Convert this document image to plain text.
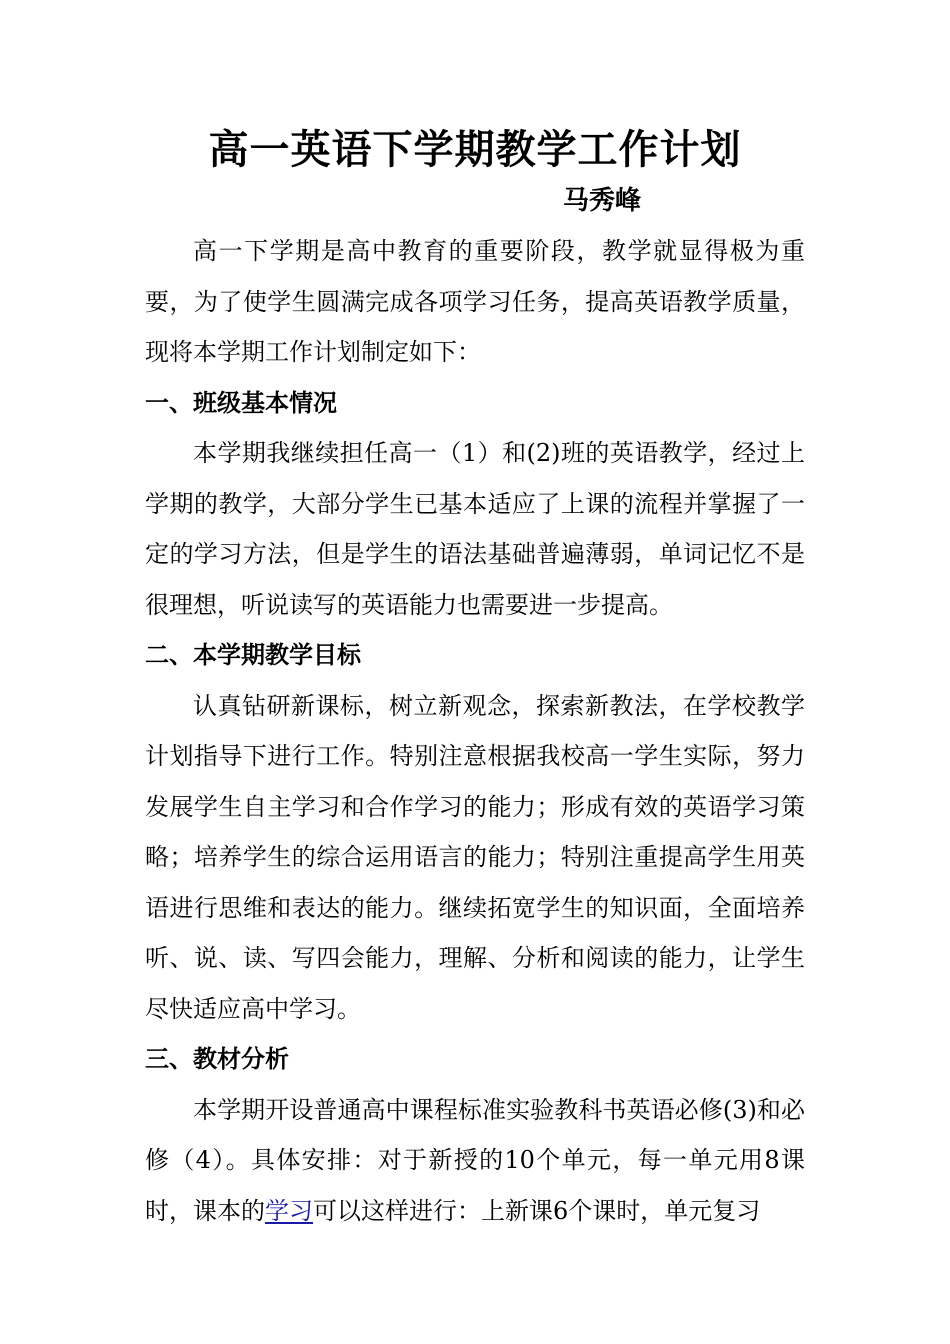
高一英语下学期教学工作计划
马秀峰

高一下学期是高中教育的重要阶段，教学就显得极为重要，为了使学生圆满完成各项学习任务，提高英语教学质量，现将本学期工作计划制定如下：

一、班级基本情况

本学期我继续担任高一（1）和(2)班的英语教学，经过上学期的教学，大部分学生已基本适应了上课的流程并掌握了一定的学习方法，但是学生的语法基础普遍薄弱，单词记忆不是很理想，听说读写的英语能力也需要进一步提高。

二、本学期教学目标

认真钻研新课标，树立新观念，探索新教法，在学校教学计划指导下进行工作。特别注意根据我校高一学生实际，努力发展学生自主学习和合作学习的能力；形成有效的英语学习策略；培养学生的综合运用语言的能力；特别注重提高学生用英语进行思维和表达的能力。继续拓宽学生的知识面，全面培养听、说、读、写四会能力，理解、分析和阅读的能力，让学生尽快适应高中学习。

三、教材分析

本学期开设普通高中课程标准实验教科书英语必修(3)和必修（4）。具体安排：对于新授的10个单元，每一单元用8课时，课本的学习可以这样进行：上新课6个课时，单元复习
